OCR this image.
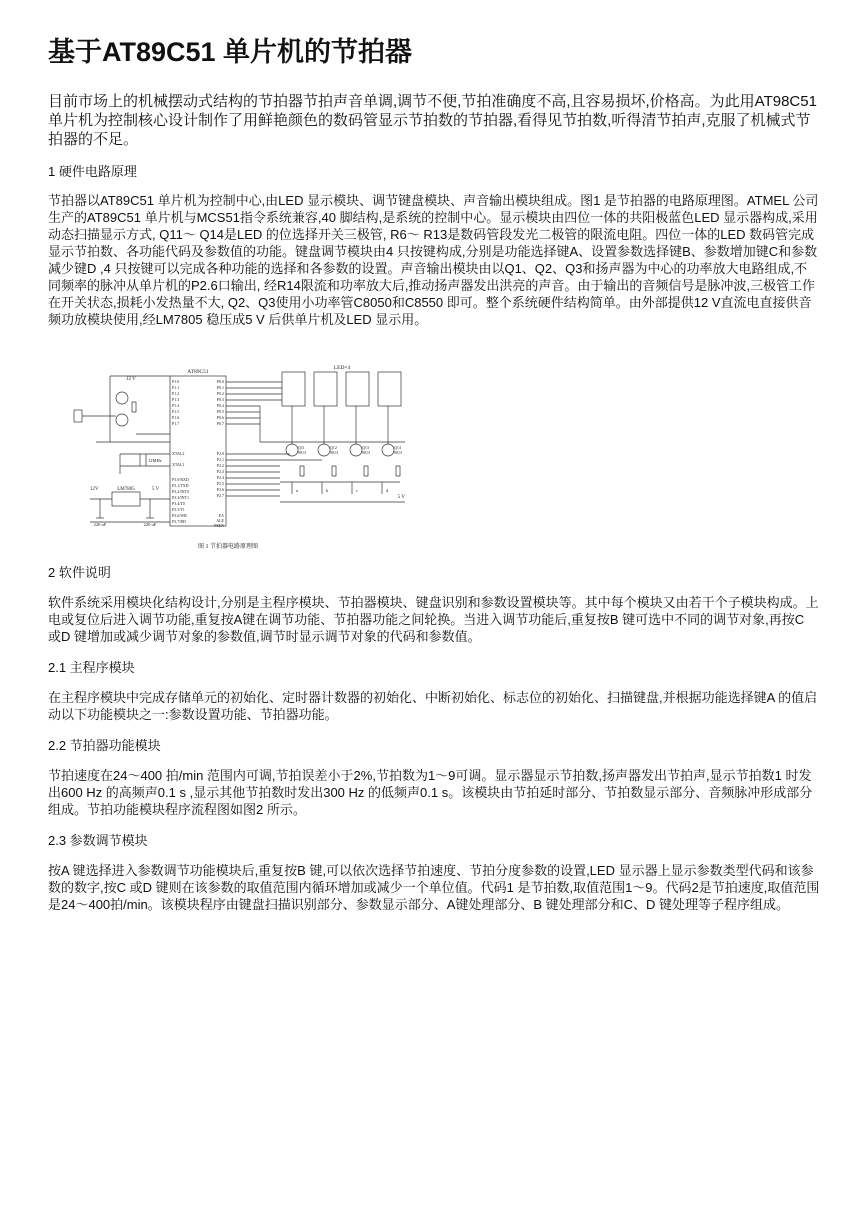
基于AT89C51 单片机的节拍器

目前市场上的机械摆动式结构的节拍器节拍声音单调,调节不便,节拍准确度不高,且容易损坏,价格高。为此用AT98C51 单片机为控制核心设计制作了用鲜艳颜色的数码管显示节拍数的节拍器,看得见节拍数,听得清节拍声,克服了机械式节拍器的不足。

1 硬件电路原理

节拍器以AT89C51 单片机为控制中心,由LED 显示模块、调节键盘模块、声音输出模块组成。图1 是节拍器的电路原理图。ATMEL 公司生产的AT89C51 单片机与MCS51指令系统兼容,40 脚结构,是系统的控制中心。显示模块由四位一体的共阳极蓝色LED 显示器构成,采用动态扫描显示方式, Q11～ Q14是LED 的位选择开关三极管, R6～ R13是数码管段发光二极管的限流电阻。四位一体的LED 数码管完成显示节拍数、各功能代码及参数值的功能。键盘调节模块由4 只按键构成,分别是功能选择键A、设置参数选择键B、参数增加键C和参数减少键D ,4 只按键可以完成各种功能的选择和各参数的设置。声音输出模块由以Q1、Q2、Q3和扬声器为中心的功率放大电路组成,不同频率的脉冲从单片机的P2.6口输出, 经R14限流和功率放大后,推动扬声器发出洪亮的声音。由于输出的音频信号是脉冲波,三极管工作在开关状态,损耗小发热量不大, Q2、Q3使用小功率管C8050和C8550 即可。整个系统硬件结构简单。由外部提供12 V直流电直接供音频功放模块使用,经LM7805 稳压成5 V 后供单片机及LED 显示用。

AT89C51
LED×4
LM7805
12 V
12V	5 V
5 V
12MHz
220 uF	220 uF
P0.0
P0.1
P0.2
P0.3
P0.4
P0.5
P0.6
P0.7
P1.0
P1.1
P1.2
P1.3
P1.4
P1.5
P1.6
P1.7
P2.0
P2.1
P2.2
P2.3
P2.4
P2.5
P2.6
P2.7
XTAL2
XTAL1
P3.0/RXD
P3.1/TXD
P3.2/INT0
P3.3/INT1
P3.4/T0
P3.5/T1
P3.6/WR
P3.7/RD
EA
ALE
PSEN
Q11
9013
Q12
9013
Q13
9013
Q14
9013
a	b	c	d
图 1 节拍器电路原理图
2 软件说明

软件系统采用模块化结构设计,分别是主程序模块、节拍器模块、键盘识别和参数设置模块等。其中每个模块又由若干个子模块构成。上电或复位后进入调节功能,重复按A键在调节功能、节拍器功能之间轮换。当进入调节功能后,重复按B 键可选中不同的调节对象,再按C 或D 键增加或减少调节对象的参数值,调节时显示调节对象的代码和参数值。

2.1 主程序模块

在主程序模块中完成存储单元的初始化、定时器计数器的初始化、中断初始化、标志位的初始化、扫描键盘,并根据功能选择键A 的值启动以下功能模块之一:参数设置功能、节拍器功能。

2.2 节拍器功能模块

节拍速度在24～400 拍/min 范围内可调,节拍误差小于2%,节拍数为1～9可调。显示器显示节拍数,扬声器发出节拍声,显示节拍数1 时发出600 Hz 的高频声0.1 s ,显示其他节拍数时发出300 Hz 的低频声0.1 s。该模块由节拍延时部分、节拍数显示部分、音频脉冲形成部分组成。节拍功能模块程序流程图如图2 所示。

2.3 参数调节模块

按A 键选择进入参数调节功能模块后,重复按B 键,可以依次选择节拍速度、节拍分度参数的设置,LED 显示器上显示参数类型代码和该参数的数字,按C 或D 键则在该参数的取值范围内循环增加或减少一个单位值。代码1 是节拍数,取值范围1～9。代码2是节拍速度,取值范围是24～400拍/min。该模块程序由键盘扫描识别部分、参数显示部分、A键处理部分、B 键处理部分和C、D 键处理等子程序组成。
